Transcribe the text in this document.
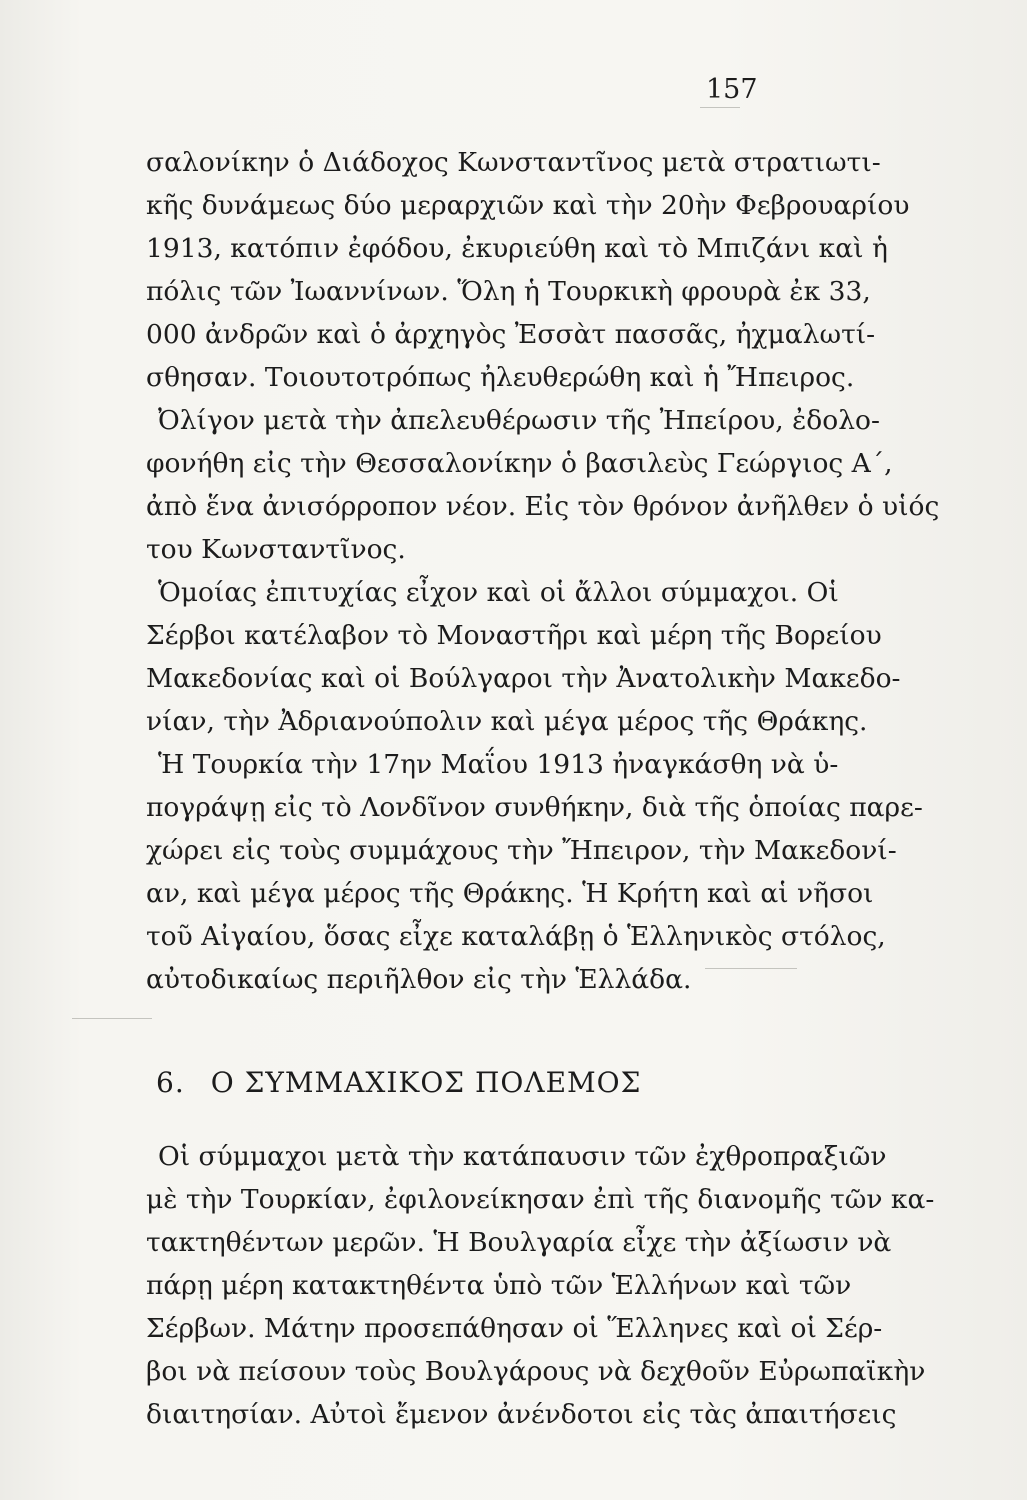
157
σαλονίκην ὁ Διάδοχος Κωνσταντῖνος μετὰ στρατιωτι-
κῆς δυνάμεως δύο μεραρχιῶν καὶ τὴν 20ὴν Φεβρουαρίου
1913, κατόπιν ἐφόδου, ἐκυριεύθη καὶ τὸ Μπιζάνι καὶ ἡ
πόλις τῶν Ἰωαννίνων. Ὅλη ἡ Τουρκικὴ φρουρὰ ἐκ 33,
000 ἀνδρῶν καὶ ὁ ἀρχηγὸς Ἐσσὰτ πασσᾶς, ἠχμαλωτί-
σθησαν. Τοιουτοτρόπως ἠλευθερώθη καὶ ἡ Ἤπειρος.
Ὀλίγον μετὰ τὴν ἀπελευθέρωσιν τῆς Ἠπείρου, ἐδολο-
φονήθη εἰς τὴν Θεσσαλονίκην ὁ βασιλεὺς Γεώργιος Α΄,
ἀπὸ ἕνα ἀνισόρροπον νέον. Εἰς τὸν θρόνον ἀνῆλθεν ὁ υἱός
του Κωνσταντῖνος.
Ὁμοίας ἐπιτυχίας εἶχον καὶ οἱ ἄλλοι σύμμαχοι. Οἱ
Σέρβοι κατέλαβον τὸ Μοναστῆρι καὶ μέρη τῆς Βορείου
Μακεδονίας καὶ οἱ Βούλγαροι τὴν Ἀνατολικὴν Μακεδο-
νίαν, τὴν Ἀδριανούπολιν καὶ μέγα μέρος τῆς Θράκης.
Ἡ Τουρκία τὴν 17ην Μαΐου 1913 ἠναγκάσθη νὰ ὑ-
πογράψῃ εἰς τὸ Λονδῖνον συνθήκην, διὰ τῆς ὁποίας παρε-
χώρει εἰς τοὺς συμμάχους τὴν Ἤπειρον, τὴν Μακεδονί-
αν, καὶ μέγα μέρος τῆς Θράκης. Ἡ Κρήτη καὶ αἱ νῆσοι
τοῦ Αἰγαίου, ὅσας εἶχε καταλάβῃ ὁ Ἑλληνικὸς στόλος,
αὐτοδικαίως περιῆλθον εἰς τὴν Ἑλλάδα.
6. Ο ΣΥΜΜΑΧΙΚΟΣ ΠΟΛΕΜΟΣ
Οἱ σύμμαχοι μετὰ τὴν κατάπαυσιν τῶν ἐχθροπραξιῶν
μὲ τὴν Τουρκίαν, ἐφιλονείκησαν ἐπὶ τῆς διανομῆς τῶν κα-
τακτηθέντων μερῶν. Ἡ Βουλγαρία εἶχε τὴν ἀξίωσιν νὰ
πάρῃ μέρη κατακτηθέντα ὑπὸ τῶν Ἑλλήνων καὶ τῶν
Σέρβων. Μάτην προσεπάθησαν οἱ Ἕλληνες καὶ οἱ Σέρ-
βοι νὰ πείσουν τοὺς Βουλγάρους νὰ δεχθοῦν Εὐρωπαϊκὴν
διαιτησίαν. Αὐτοὶ ἔμενον ἀνένδοτοι εἰς τὰς ἀπαιτήσεις
